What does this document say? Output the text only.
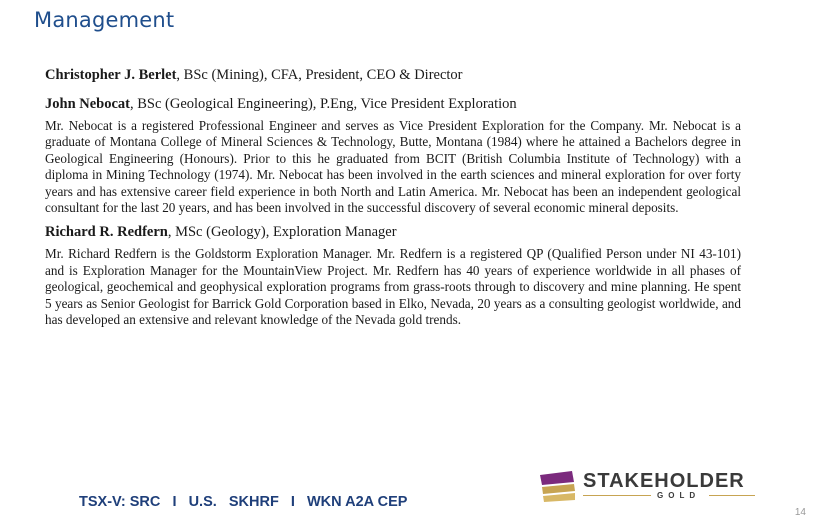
Management

Christopher J. Berlet, BSc (Mining), CFA, President, CEO & Director

John Nebocat, BSc (Geological Engineering), P.Eng, Vice President Exploration

Mr. Nebocat is a registered Professional Engineer and serves as Vice President Exploration for the Company. Mr. Nebocat is a graduate of Montana College of Mineral Sciences & Technology, Butte, Montana (1984) where he attained a Bachelors degree in Geological Engineering (Honours). Prior to this he graduated from BCIT (British Columbia Institute of Technology) with a diploma in Mining Technology (1974). Mr. Nebocat has been involved in the earth sciences and mineral exploration for over forty years and has extensive career field experience in both North and Latin America. Mr. Nebocat has been an independent geological consultant for the last 20 years, and has been involved in the successful discovery of several economic mineral deposits.

Richard R. Redfern, MSc (Geology), Exploration Manager

Mr. Richard Redfern is the Goldstorm Exploration Manager. Mr. Redfern is a registered QP (Qualified Person under NI 43-101) and is Exploration Manager for the MountainView Project. Mr. Redfern has 40 years of experience worldwide in all phases of geological, geochemical and geophysical exploration programs from grass-roots through to discovery and mine planning. He spent 5 years as Senior Geologist for Barrick Gold Corporation based in Elko, Nevada, 20 years as a consulting geologist worldwide, and has developed an extensive and relevant knowledge of the Nevada gold trends.

STAKEHOLDER
GOLD
TSX-V: SRC   I   U.S.   SKHRF   I   WKN A2A CEP
14
